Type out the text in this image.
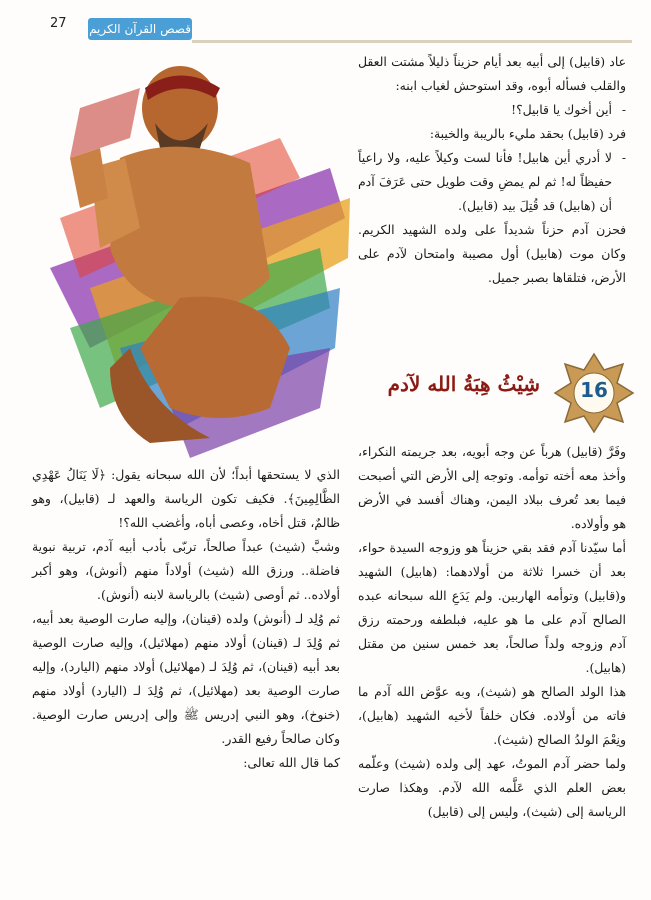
27 قصص القرآن الكريم

عاد (قابيل) إلى أبيه بعد أيام حزيناً ذليلاً مشتت العقل والقلب فسأله أبوه، وقد استوحش لغياب ابنه:

- أين أخوك يا قابيل؟!

فرد (قابيل) بحقد مليء بالريبة والخيبة:

- لا أدري أين هابيل! فأنا لست وكيلاً عليه، ولا راعياً حفيظاً له! ثم لم يمضِ وقت طويل حتى عَرَفَ آدم أن (هابيل) قد قُتِلَ بيد (قابيل).

فحزن آدم حزناً شديداً على ولده الشهيد الكريم. وكان موت (هابيل) أول مصيبة وامتحان لآدم على الأرض، فتلقاها بصبر جميل.

شِيْثُ هِبَةُ الله لآدم	16

وفَرَّ (قابيل) هرباً عن وجه أبويه، بعد جريمته النكراء، وأخذ معه أخته توأمه. وتوجه إلى الأرض التي أصبحت فيما بعد تُعرف ببلاد اليمن، وهناك أفسد في الأرض هو وأولاده.

أما سيّدنا آدم فقد بقي حزيناً هو وزوجه السيدة حواء، بعد أن خسرا ثلاثة من أولادهما: (هابيل) الشهيد و(قابيل) وتوأمه الهاربين. ولم يَدَعِ الله سبحانه عبده الصالح آدم على ما هو عليه، فبلطفه ورحمته رزق آدم وزوجه ولداً صالحاً، بعد خمس سنين من مقتل (هابيل).

هذا الولد الصالح هو (شيث)، وبه عوَّض الله آدم ما فاته من أولاده. فكان خلفاً لأخيه الشهيد (هابيل)، ونِعْمَ الولدُ الصالح (شيث).

ولما حضر آدم الموتُ، عهد إلى ولده (شيث) وعلّمه بعض العلم الذي عَلَّمه الله لآدم. وهكذا صارت الرياسة إلى (شيث)، وليس إلى (قابيل)

الذي لا يستحقها أبداً؛ لأن الله سبحانه يقول: ﴿لَا يَنَالُ عَهْدِي الظَّالِمِينَ﴾. فكيف تكون الرياسة والعهد لـ (قابيل)، وهو ظالمٌ، قتل أخاه، وعصى أباه، وأغضب الله؟!

وشبَّ (شيث) عبداً صالحاً، تربّى بأدب أبيه آدم، تربية نبوية فاضلة.. ورزق الله (شيث) أولاداً منهم (أنوش)، وهو أكبر أولاده.. ثم أوصى (شيث) بالرياسة لابنه (أنوش).

ثم وُلِد لـ (أنوش) ولده (قينان)، وإليه صارت الوصية بعد أبيه، ثم وُلِدَ لـ (قينان) أولاد منهم (مهلائيل)، وإليه صارت الوصية بعد أبيه (قينان)، ثم وُلِدَ لـ (مهلائيل) أولاد منهم (اليارد)، وإليه صارت الوصية بعد (مهلائيل)، ثم وُلِدَ لـ (اليارد) أولاد منهم (خنوخ)، وهو النبي إدريس ﷺ وإلى إدريس صارت الوصية. وكان صالحاً رفيع القدر.

كما قال الله تعالى:
